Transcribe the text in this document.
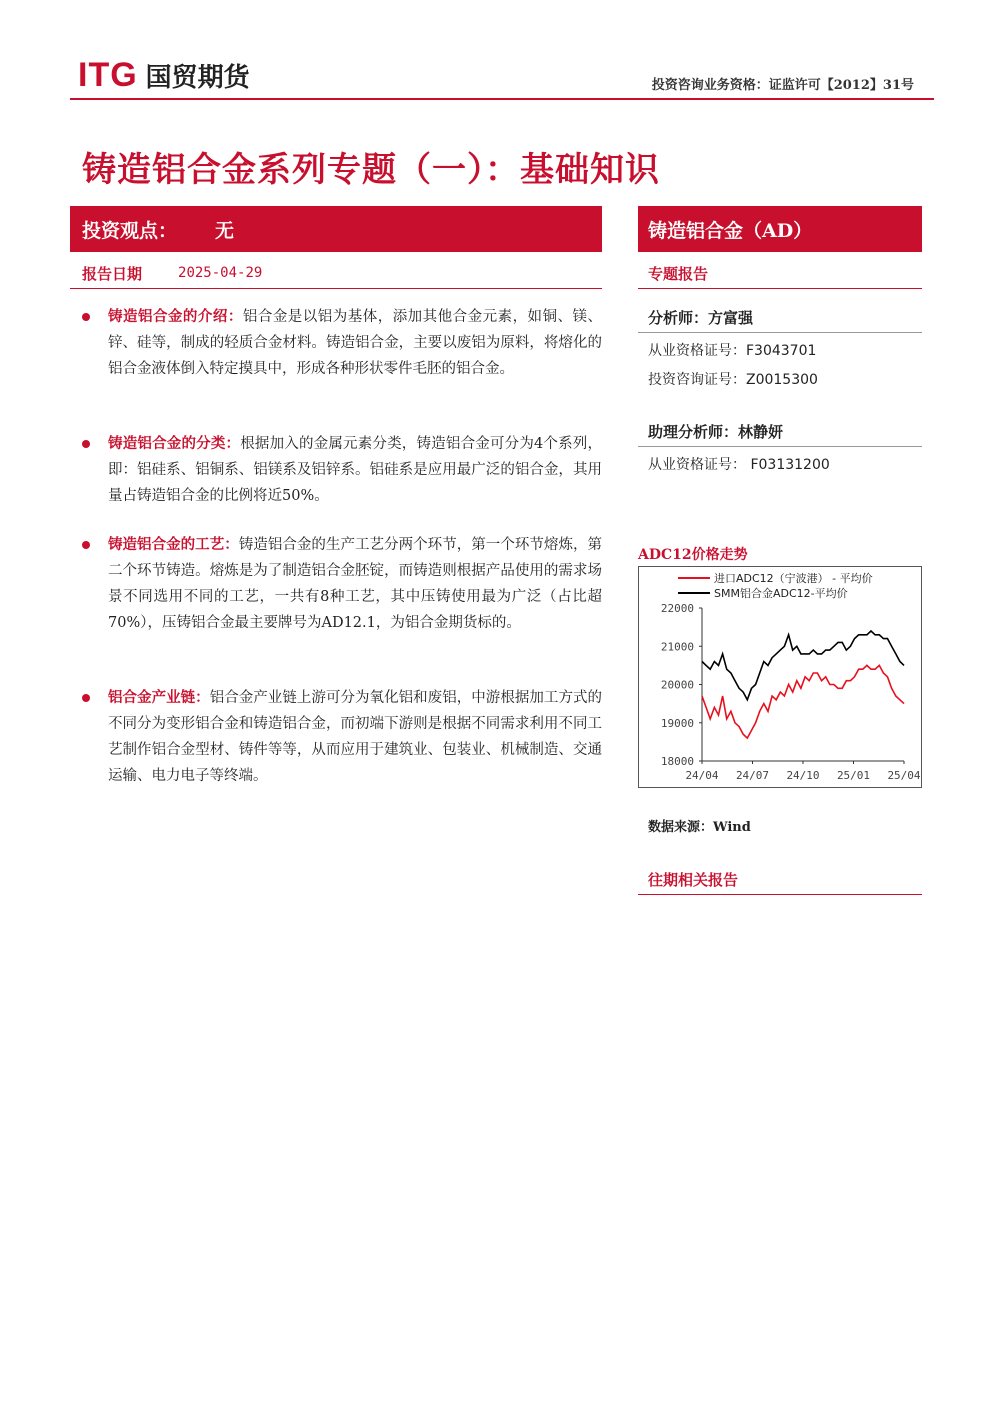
ITG 国贸期货	投资咨询业务资格：证监许可【2012】31号
铸造铝合金系列专题（一）：基础知识
投资观点： 无
报告日期	2025-04-29
铸造铝合金的介绍：铝合金是以铝为基体，添加其他合金元素，如铜、镁、锌、硅等，制成的轻质合金材料。铸造铝合金，主要以废铝为原料，将熔化的铝合金液体倒入特定摸具中，形成各种形状零件毛胚的铝合金。
铸造铝合金的分类：根据加入的金属元素分类，铸造铝合金可分为4个系列，即：铝硅系、铝铜系、铝镁系及铝锌系。铝硅系是应用最广泛的铝合金，其用量占铸造铝合金的比例将近50%。
铸造铝合金的工艺：铸造铝合金的生产工艺分两个环节，第一个环节熔炼，第二个环节铸造。熔炼是为了制造铝合金胚锭，而铸造则根据产品使用的需求场景不同选用不同的工艺，一共有8种工艺，其中压铸使用最为广泛（占比超70%），压铸铝合金最主要牌号为AD12.1，为铝合金期货标的。
铝合金产业链：铝合金产业链上游可分为氧化铝和废铝，中游根据加工方式的不同分为变形铝合金和铸造铝合金，而初端下游则是根据不同需求利用不同工艺制作铝合金型材、铸件等等，从而应用于建筑业、包装业、机械制造、交通运输、电力电子等终端。
铸造铝合金（AD）
专题报告
分析师：方富强
从业资格证号：F3043701
投资咨询证号：Z0015300
助理分析师：林静妍
从业资格证号： F03131200
ADC12价格走势
进口ADC12（宁波港） - 平均价
SMM铝合金ADC12-平均价
18000
19000
20000
21000
22000
24/04 24/07 24/10 25/01 25/04
数据来源：Wind
往期相关报告
